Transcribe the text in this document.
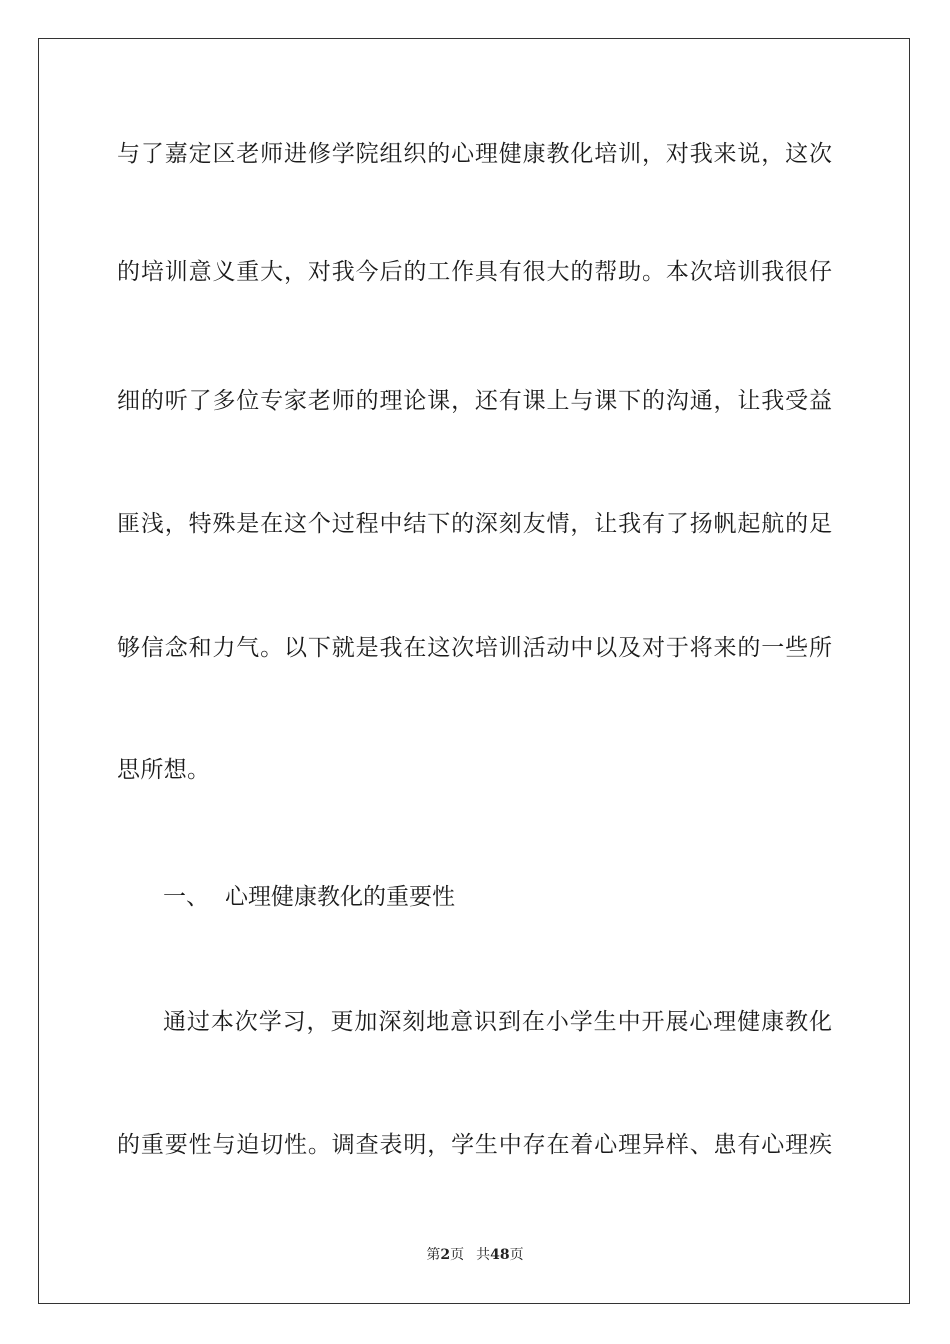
与了嘉定区老师进修学院组织的心理健康教化培训，对我来说，这次
的培训意义重大，对我今后的工作具有很大的帮助。本次培训我很仔
细的听了多位专家老师的理论课，还有课上与课下的沟通，让我受益
匪浅，特殊是在这个过程中结下的深刻友情，让我有了扬帆起航的足
够信念和力气。以下就是我在这次培训活动中以及对于将来的一些所
思所想。
一、 心理健康教化的重要性
通过本次学习，更加深刻地意识到在小学生中开展心理健康教化
的重要性与迫切性。调查表明，学生中存在着心理异样、患有心理疾
第2页 共48页
